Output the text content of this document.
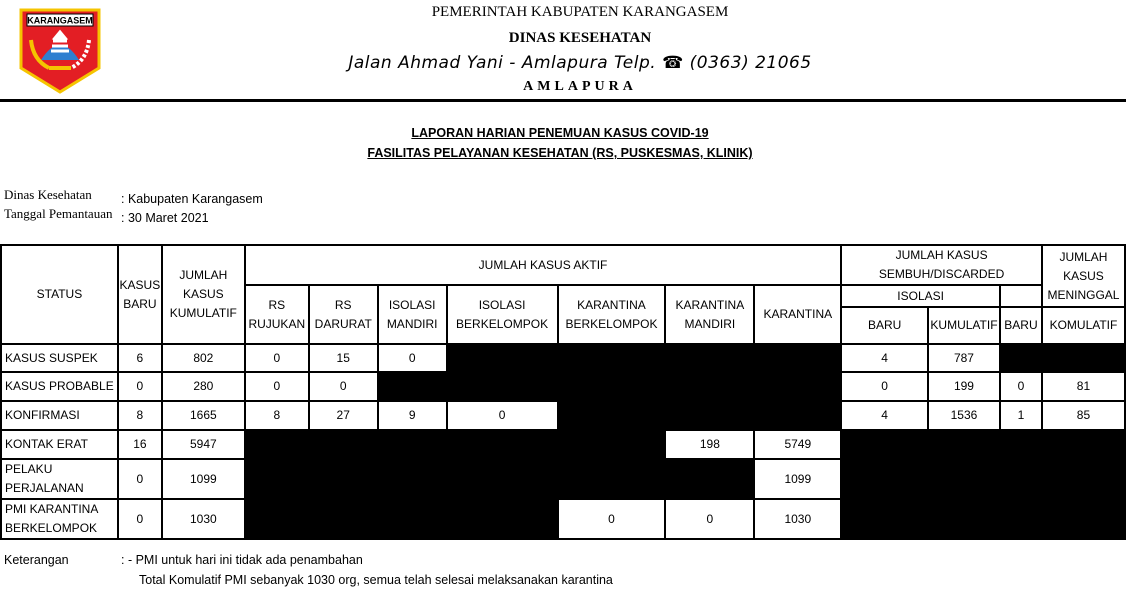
KARANGASEM
PEMERINTAH KABUPATEN KARANGASEM
DINAS KESEHATAN
Jalan Ahmad Yani - Amlapura Telp. ☎ (0363) 21065
AMLAPURA
LAPORAN HARIAN PENEMUAN KASUS COVID-19
FASILITAS PELAYANAN KESEHATAN (RS, PUSKESMAS, KLINIK)
Dinas Kesehatan : Kabupaten Karangasem
Tanggal Pemantauan : 30 Maret 2021
STATUS	KASUS BARU	JUMLAH KASUS KUMULATIF	JUMLAH KASUS AKTIF							JUMLAH KASUS SEMBUH/DISCARDED			JUMLAH KASUS MENINGGAL
			RS RUJUKAN	RS DARURAT	ISOLASI MANDIRI	ISOLASI BERKELOMPOK	KARANTINA BERKELOMPOK	KARANTINA MANDIRI	KARANTINA	ISOLASI			
										BARU	KUMULATIF	BARU	KOMULATIF
KASUS SUSPEK	6	802	0	15	0					4	787		
KASUS PROBABLE	0	280	0	0						0	199	0	81
KONFIRMASI	8	1665	8	27	9	0				4	1536	1	85
KONTAK ERAT	16	5947						198	5749				
PELAKU PERJALANAN	0	1099							1099				
PMI KARANTINA BERKELOMPOK	0	1030					0	0	1030				
Keterangan	: - PMI untuk hari ini tidak ada penambahan
Total Komulatif PMI sebanyak 1030 org, semua telah selesai melaksanakan karantina
